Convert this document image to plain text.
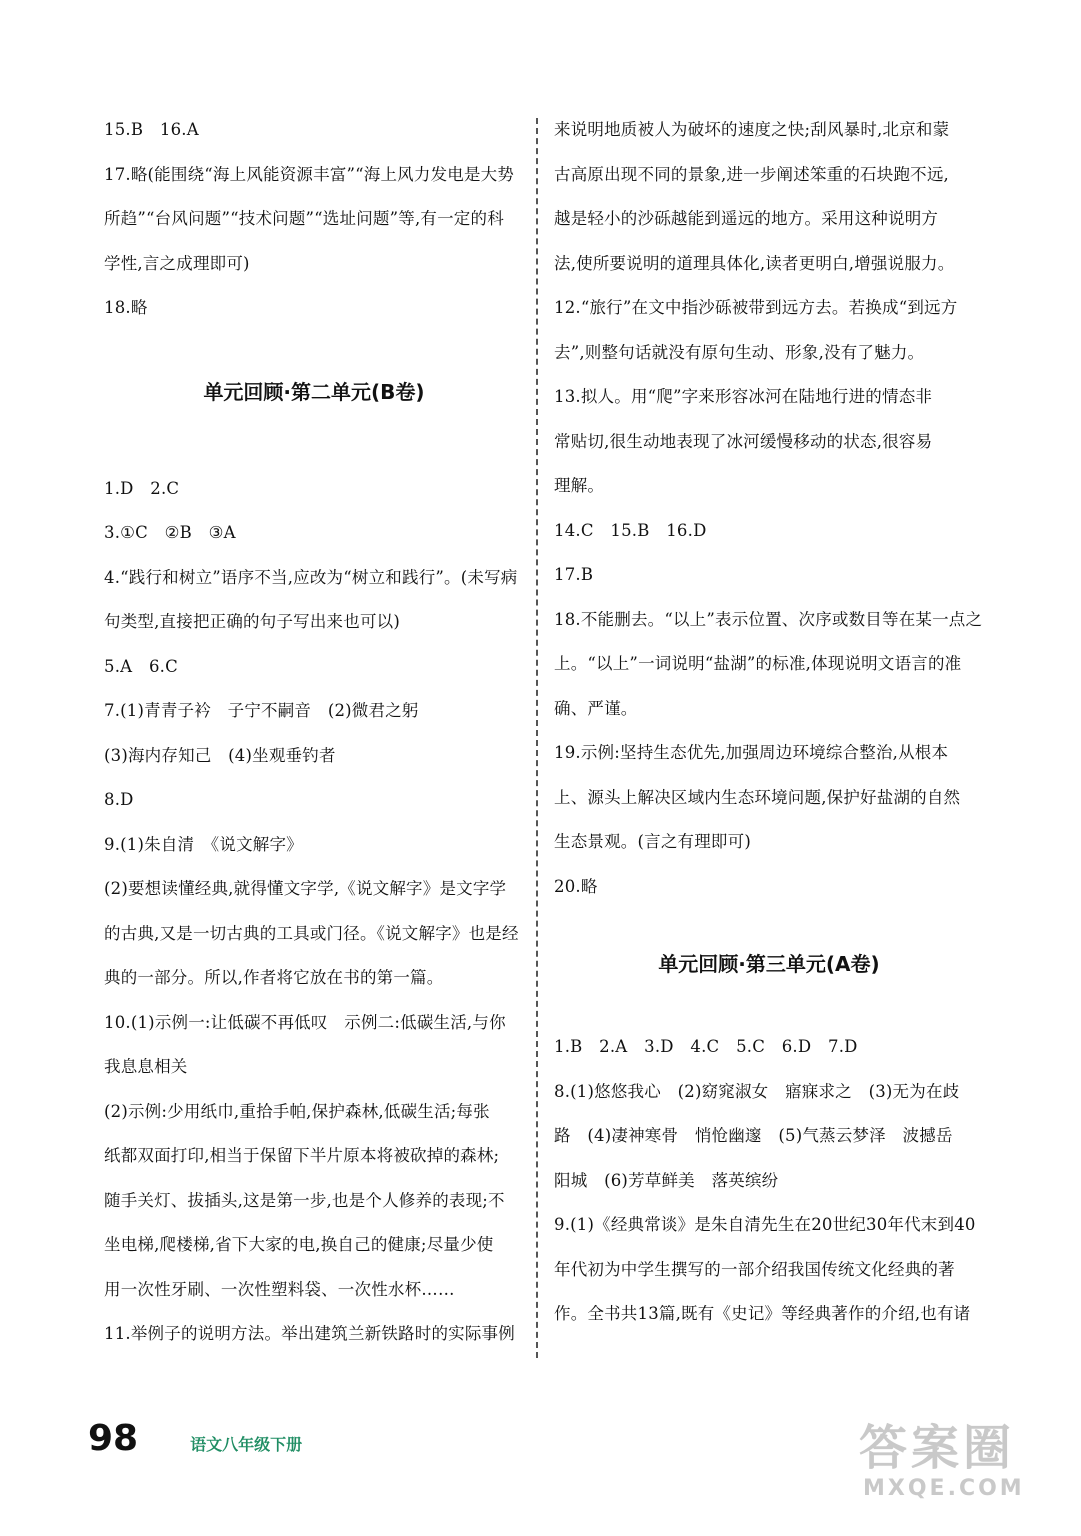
15.B　16.A
17.略(能围绕“海上风能资源丰富”“海上风力发电是大势
所趋”“台风问题”“技术问题”“选址问题”等,有一定的科
学性,言之成理即可)
18.略
单元回顾·第二单元(B卷)
1.D　2.C
3.①C　②B　③A
4.“践行和树立”语序不当,应改为“树立和践行”。(未写病
句类型,直接把正确的句子写出来也可以)
5.A　6.C
7.(1)青青子衿　子宁不嗣音　(2)微君之躬
(3)海内存知己　(4)坐观垂钓者
8.D
9.(1)朱自清　《说文解字》
(2)要想读懂经典,就得懂文字学,《说文解字》是文字学
的古典,又是一切古典的工具或门径。《说文解字》也是经
典的一部分。所以,作者将它放在书的第一篇。
10.(1)示例一:让低碳不再低叹　示例二:低碳生活,与你
我息息相关
(2)示例:少用纸巾,重拾手帕,保护森林,低碳生活;每张
纸都双面打印,相当于保留下半片原本将被砍掉的森林;
随手关灯、拔插头,这是第一步,也是个人修养的表现;不
坐电梯,爬楼梯,省下大家的电,换自己的健康;尽量少使
用一次性牙刷、一次性塑料袋、一次性水杯……
11.举例子的说明方法。举出建筑兰新铁路时的实际事例
来说明地质被人为破坏的速度之快;刮风暴时,北京和蒙
古高原出现不同的景象,进一步阐述笨重的石块跑不远,
越是轻小的沙砾越能到遥远的地方。采用这种说明方
法,使所要说明的道理具体化,读者更明白,增强说服力。
12.“旅行”在文中指沙砾被带到远方去。若换成“到远方
去”,则整句话就没有原句生动、形象,没有了魅力。
13.拟人。用“爬”字来形容冰河在陆地行进的情态非
常贴切,很生动地表现了冰河缓慢移动的状态,很容易
理解。
14.C　15.B　16.D
17.B
18.不能删去。“以上”表示位置、次序或数目等在某一点之
上。“以上”一词说明“盐湖”的标准,体现说明文语言的准
确、严谨。
19.示例:坚持生态优先,加强周边环境综合整治,从根本
上、源头上解决区域内生态环境问题,保护好盐湖的自然
生态景观。(言之有理即可)
20.略
单元回顾·第三单元(A卷)
1.B　2.A　3.D　4.C　5.C　6.D　7.D
8.(1)悠悠我心　(2)窈窕淑女　寤寐求之　(3)无为在歧
路　(4)凄神寒骨　悄怆幽邃　(5)气蒸云梦泽　波撼岳
阳城　(6)芳草鲜美　落英缤纷
9.(1)《经典常谈》是朱自清先生在20世纪30年代末到40
年代初为中学生撰写的一部介绍我国传统文化经典的著
作。全书共13篇,既有《史记》等经典著作的介绍,也有诸
98	语文八年级下册	答案圈
MXQE.COM
